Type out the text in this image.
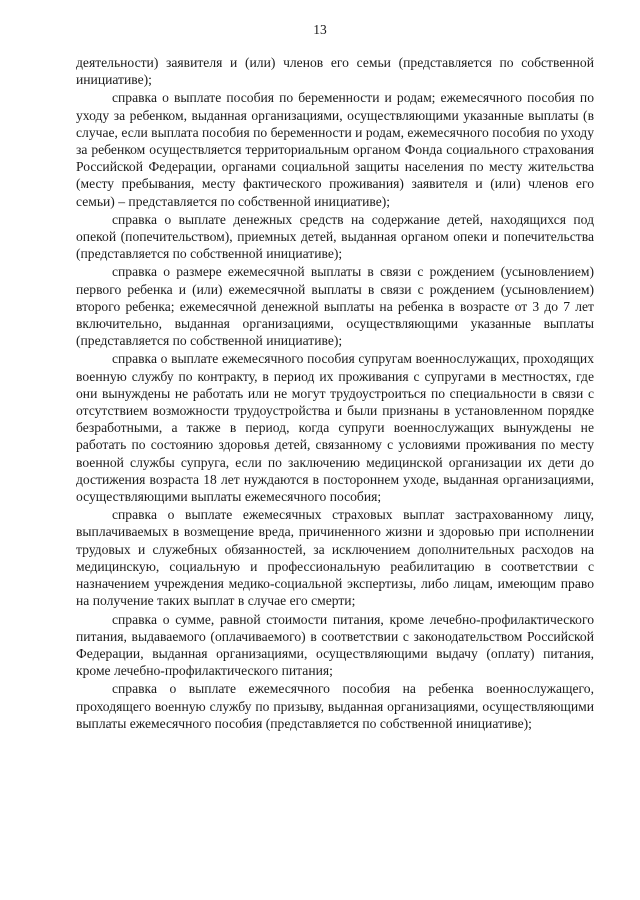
13

деятельности) заявителя и (или) членов его семьи (представляется по собственной инициативе);

справка о выплате пособия по беременности и родам; ежемесячного пособия по уходу за ребенком, выданная организациями, осуществляющими указанные выплаты (в случае, если выплата пособия по беременности и родам, ежемесячного пособия по уходу за ребенком осуществляется территориальным органом Фонда социального страхования Российской Федерации, органами социальной защиты населения по месту жительства (месту пребывания, месту фактического проживания) заявителя и (или) членов его семьи) – представляется по собственной инициативе);

справка о выплате денежных средств на содержание детей, находящихся под опекой (попечительством), приемных детей, выданная органом опеки и попечительства (представляется по собственной инициативе);

справка о размере ежемесячной выплаты в связи с рождением (усыновлением) первого ребенка и (или) ежемесячной выплаты в связи с рождением (усыновлением) второго ребенка; ежемесячной денежной выплаты на ребенка в возрасте от 3 до 7 лет включительно, выданная организациями, осуществляющими указанные выплаты (представляется по собственной инициативе);

справка о выплате ежемесячного пособия супругам военнослужащих, проходящих военную службу по контракту, в период их проживания с супругами в местностях, где они вынуждены не работать или не могут трудоустроиться по специальности в связи с отсутствием возможности трудоустройства и были признаны в установленном порядке безработными, а также в период, когда супруги военнослужащих вынуждены не работать по состоянию здоровья детей, связанному с условиями проживания по месту военной службы супруга, если по заключению медицинской организации их дети до достижения возраста 18 лет нуждаются в постороннем уходе, выданная организациями, осуществляющими выплаты ежемесячного пособия;

справка о выплате ежемесячных страховых выплат застрахованному лицу, выплачиваемых в возмещение вреда, причиненного жизни и здоровью при исполнении трудовых и служебных обязанностей, за исключением дополнительных расходов на медицинскую, социальную и профессиональную реабилитацию в соответствии с назначением учреждения медико-социальной экспертизы, либо лицам, имеющим право на получение таких выплат в случае его смерти;

справка о сумме, равной стоимости питания, кроме лечебно-профилактического питания, выдаваемого (оплачиваемого) в соответствии с законодательством Российской Федерации, выданная организациями, осуществляющими выдачу (оплату) питания, кроме лечебно-профилактического питания;

справка о выплате ежемесячного пособия на ребенка военнослужащего, проходящего военную службу по призыву, выданная организациями, осуществляющими выплаты ежемесячного пособия (представляется по собственной инициативе);
